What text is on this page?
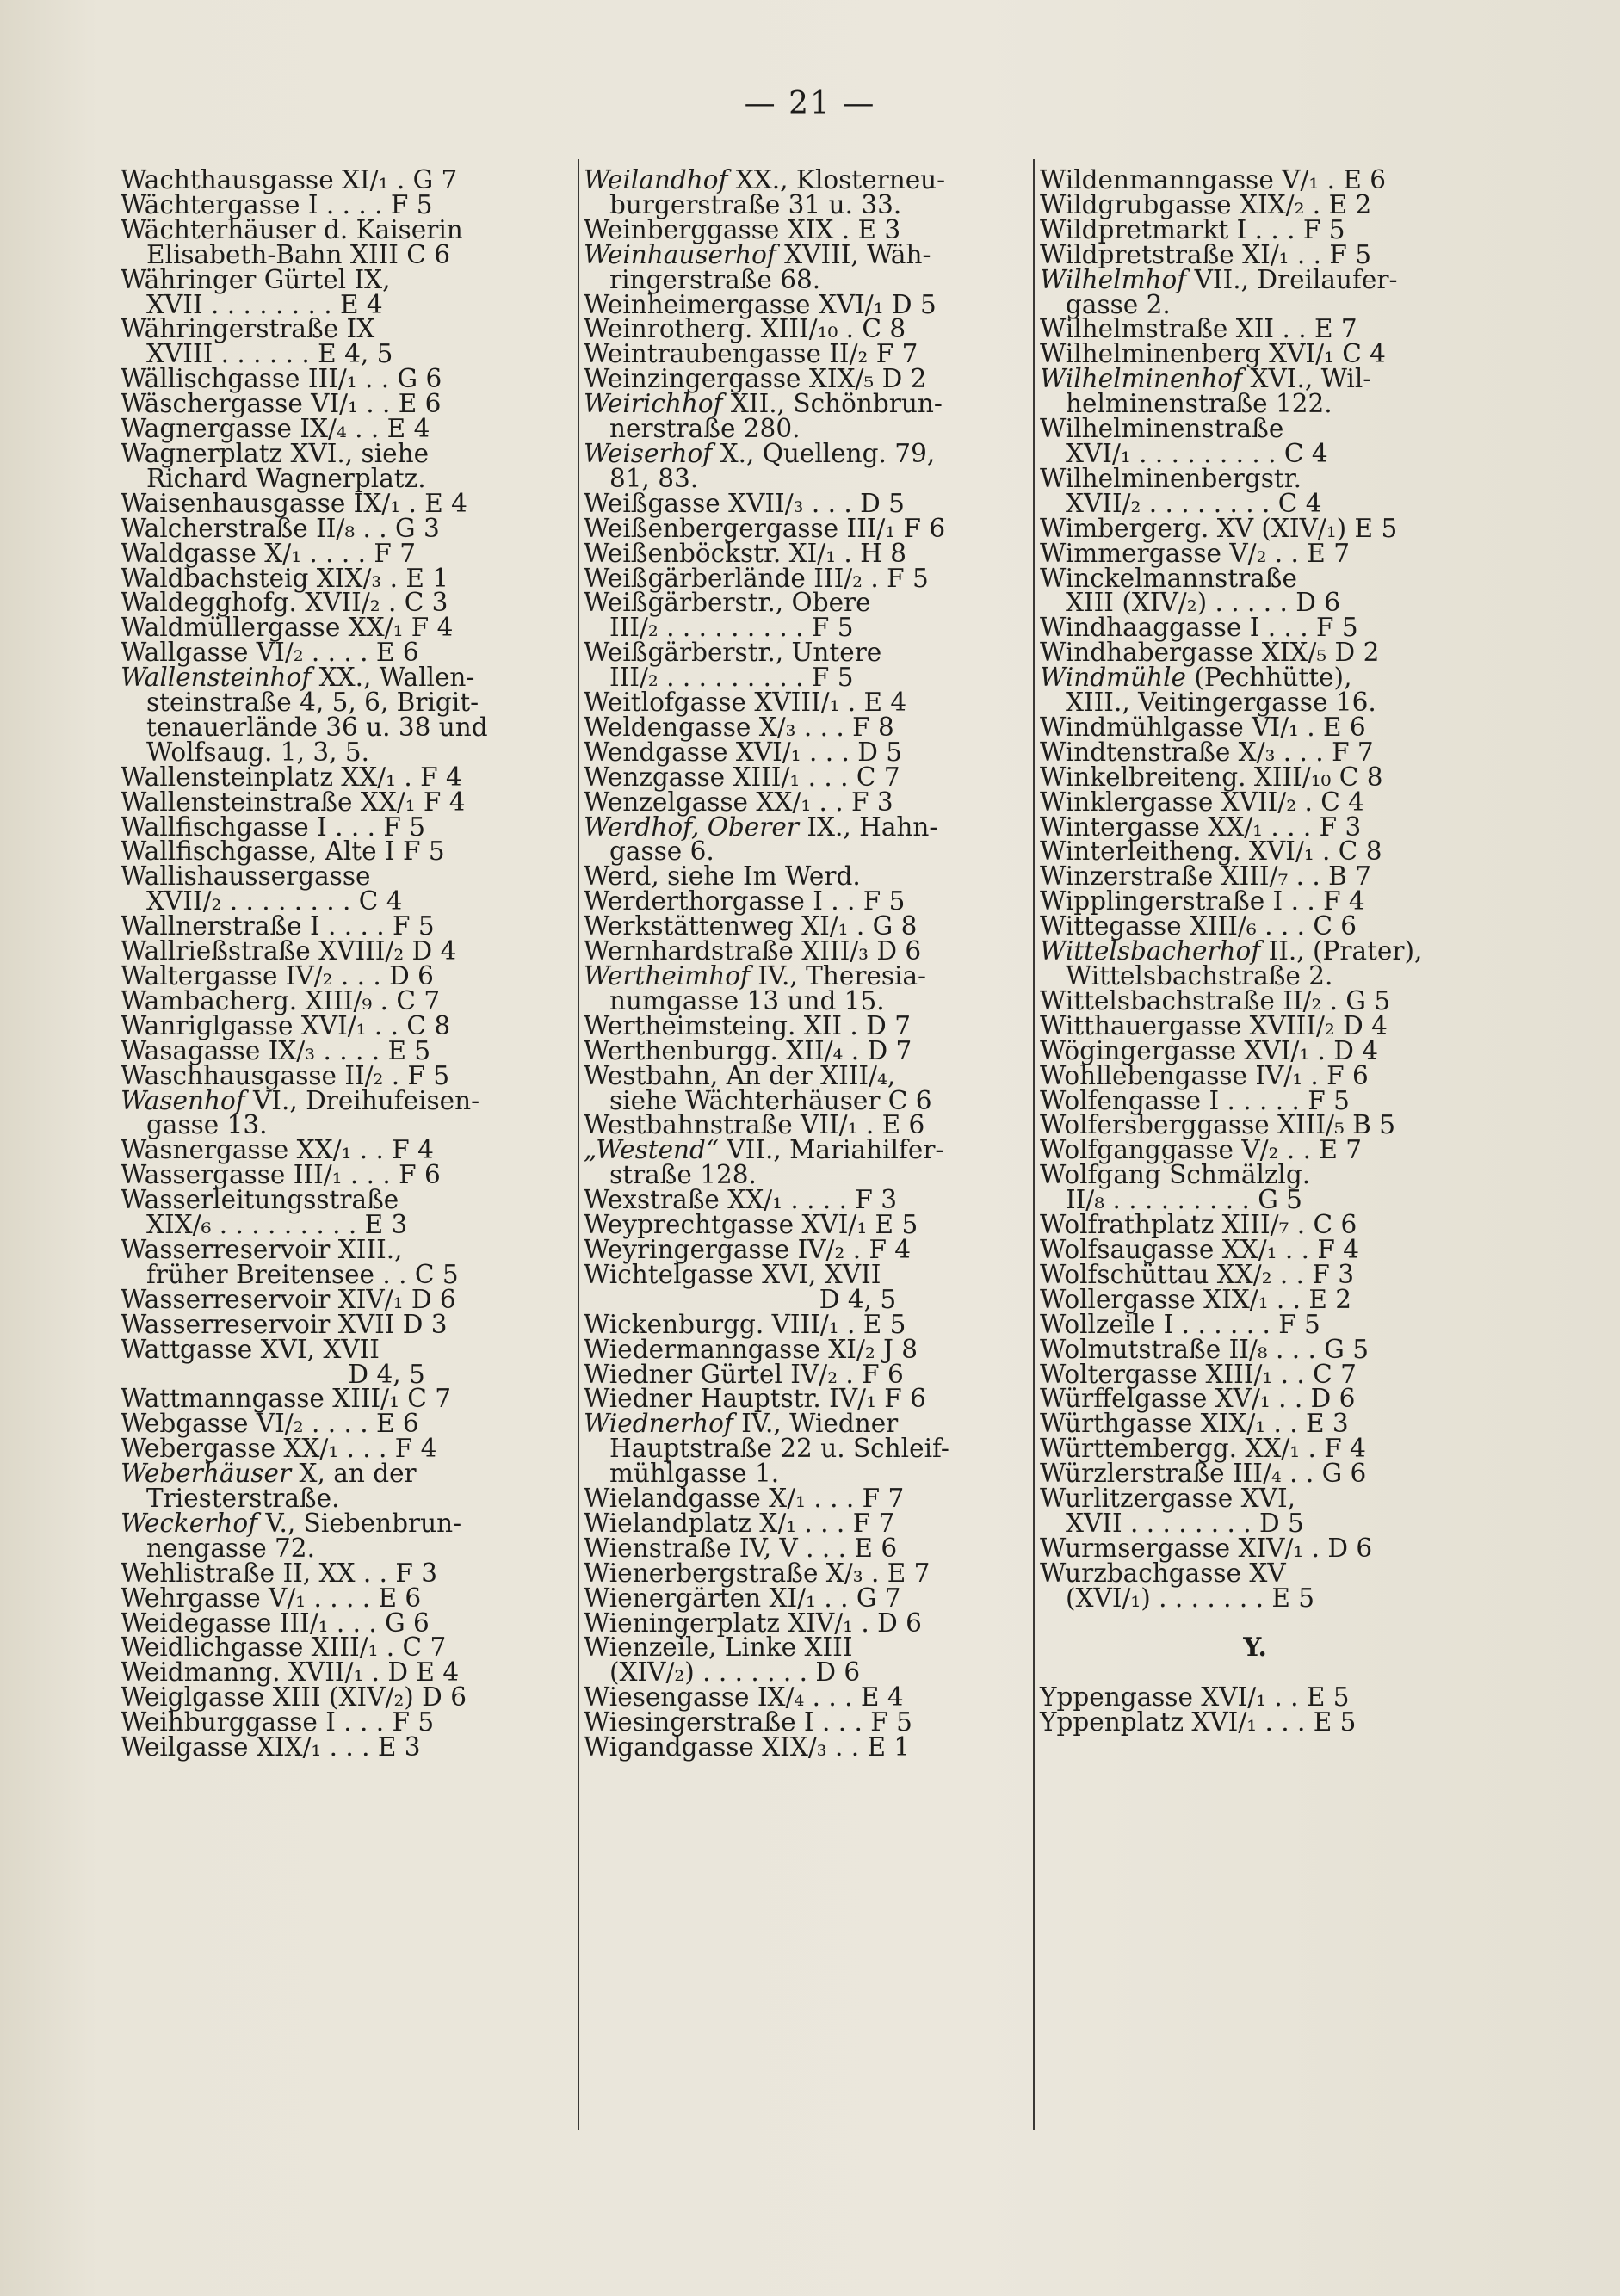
— 21 —
Wachthausgasse XI/₁ . G 7
Wächtergasse I . . . . F 5
Wächterhäuser d. Kaiserin
Elisabeth-Bahn XIII C 6
Währinger Gürtel IX,
XVII . . . . . . . . E 4
Währingerstraße IX
XVIII . . . . . . E 4, 5
Wällischgasse III/₁ . . G 6
Wäschergasse VI/₁ . . E 6
Wagnergasse IX/₄ . . E 4
Wagnerplatz XVI., siehe
Richard Wagnerplatz.
Waisenhausgasse IX/₁ . E 4
Walcherstraße II/₈ . . G 3
Waldgasse X/₁ . . . . F 7
Waldbachsteig XIX/₃ . E 1
Waldegghofg. XVII/₂ . C 3
Waldmüllergasse XX/₁ F 4
Wallgasse VI/₂ . . . . E 6
Wallensteinhof XX., Wallen-
steinstraße 4, 5, 6, Brigit-
tenauerlände 36 u. 38 und
Wolfsaug. 1, 3, 5.
Wallensteinplatz XX/₁ . F 4
Wallensteinstraße XX/₁ F 4
Wallfischgasse I . . . F 5
Wallfischgasse, Alte I F 5
Wallishaussergasse
XVII/₂ . . . . . . . . C 4
Wallnerstraße I . . . . F 5
Wallrießstraße XVIII/₂ D 4
Waltergasse IV/₂ . . . D 6
Wambacherg. XIII/₉ . C 7
Wanriglgasse XVI/₁ . . C 8
Wasagasse IX/₃ . . . . E 5
Waschhausgasse II/₂ . F 5
Wasenhof VI., Dreihufeisen-
gasse 13.
Wasnergasse XX/₁ . . F 4
Wassergasse III/₁ . . . F 6
Wasserleitungsstraße
XIX/₆ . . . . . . . . . E 3
Wasserreservoir XIII.,
früher Breitensee . . C 5
Wasserreservoir XIV/₁ D 6
Wasserreservoir XVII D 3
Wattgasse XVI, XVII
D 4, 5
Wattmanngasse XIII/₁ C 7
Webgasse VI/₂ . . . . E 6
Webergasse XX/₁ . . . F 4
Weberhäuser X, an der
Triesterstraße.
Weckerhof V., Siebenbrun-
nengasse 72.
Wehlistraße II, XX . . F 3
Wehrgasse V/₁ . . . . E 6
Weidegasse III/₁ . . . G 6
Weidlichgasse XIII/₁ . C 7
Weidmanng. XVII/₁ . D E 4
Weiglgasse XIII (XIV/₂) D 6
Weihburggasse I . . . F 5
Weilgasse XIX/₁ . . . E 3
Weilandhof XX., Klosterneu-
burgerstraße 31 u. 33.
Weinberggasse XIX . E 3
Weinhauserhof XVIII, Wäh-
ringerstraße 68.
Weinheimergasse XVI/₁ D 5
Weinrotherg. XIII/₁₀ . C 8
Weintraubengasse II/₂ F 7
Weinzingergasse XIX/₅ D 2
Weirichhof XII., Schönbrun-
nerstraße 280.
Weiserhof X., Quelleng. 79,
81, 83.
Weißgasse XVII/₃ . . . D 5
Weißenbergergasse III/₁ F 6
Weißenböckstr. XI/₁ . H 8
Weißgärberlände III/₂ . F 5
Weißgärberstr., Obere
III/₂ . . . . . . . . . F 5
Weißgärberstr., Untere
III/₂ . . . . . . . . . F 5
Weitlofgasse XVIII/₁ . E 4
Weldengasse X/₃ . . . F 8
Wendgasse XVI/₁ . . . D 5
Wenzgasse XIII/₁ . . . C 7
Wenzelgasse XX/₁ . . F 3
Werdhof, Oberer IX., Hahn-
gasse 6.
Werd, siehe Im Werd.
Werderthorgasse I . . F 5
Werkstättenweg XI/₁ . G 8
Wernhardstraße XIII/₃ D 6
Wertheimhof IV., Theresia-
numgasse 13 und 15.
Wertheimsteing. XII . D 7
Werthenburgg. XII/₄ . D 7
Westbahn, An der XIII/₄,
siehe Wächterhäuser C 6
Westbahnstraße VII/₁ . E 6
„Westend“ VII., Mariahilfer-
straße 128.
Wexstraße XX/₁ . . . . F 3
Weyprechtgasse XVI/₁ E 5
Weyringergasse IV/₂ . F 4
Wichtelgasse XVI, XVII
D 4, 5
Wickenburgg. VIII/₁ . E 5
Wiedermanngasse XI/₂ J 8
Wiedner Gürtel IV/₂ . F 6
Wiedner Hauptstr. IV/₁ F 6
Wiednerhof IV., Wiedner
Hauptstraße 22 u. Schleif-
mühlgasse 1.
Wielandgasse X/₁ . . . F 7
Wielandplatz X/₁ . . . F 7
Wienstraße IV, V . . . E 6
Wienerbergstraße X/₃ . E 7
Wienergärten XI/₁ . . G 7
Wieningerplatz XIV/₁ . D 6
Wienzeile, Linke XIII
(XIV/₂) . . . . . . . D 6
Wiesengasse IX/₄ . . . E 4
Wiesingerstraße I . . . F 5
Wigandgasse XIX/₃ . . E 1
Wildenmanngasse V/₁ . E 6
Wildgrubgasse XIX/₂ . E 2
Wildpretmarkt I . . . F 5
Wildpretstraße XI/₁ . . F 5
Wilhelmhof VII., Dreilaufer-
gasse 2.
Wilhelmstraße XII . . E 7
Wilhelminenberg XVI/₁ C 4
Wilhelminenhof XVI., Wil-
helminenstraße 122.
Wilhelminenstraße
XVI/₁ . . . . . . . . . C 4
Wilhelminenbergstr.
XVII/₂ . . . . . . . . C 4
Wimbergerg. XV (XIV/₁) E 5
Wimmergasse V/₂ . . E 7
Winckelmannstraße
XIII (XIV/₂) . . . . . D 6
Windhaaggasse I . . . F 5
Windhabergasse XIX/₅ D 2
Windmühle (Pechhütte),
XIII., Veitingergasse 16.
Windmühlgasse VI/₁ . E 6
Windtenstraße X/₃ . . . F 7
Winkelbreiteng. XIII/₁₀ C 8
Winklergasse XVII/₂ . C 4
Wintergasse XX/₁ . . . F 3
Winterleitheng. XVI/₁ . C 8
Winzerstraße XIII/₇ . . B 7
Wipplingerstraße I . . F 4
Wittegasse XIII/₆ . . . C 6
Wittelsbacherhof II., (Prater),
Wittelsbachstraße 2.
Wittelsbachstraße II/₂ . G 5
Witthauergasse XVIII/₂ D 4
Wögingergasse XVI/₁ . D 4
Wohllebengasse IV/₁ . F 6
Wolfengasse I . . . . . F 5
Wolfersberggasse XIII/₅ B 5
Wolfganggasse V/₂ . . E 7
Wolfgang Schmälzlg.
II/₈ . . . . . . . . . G 5
Wolfrathplatz XIII/₇ . C 6
Wolfsaugasse XX/₁ . . F 4
Wolfschüttau XX/₂ . . F 3
Wollergasse XIX/₁ . . E 2
Wollzeile I . . . . . . F 5
Wolmutstraße II/₈ . . . G 5
Woltergasse XIII/₁ . . C 7
Würffelgasse XV/₁ . . D 6
Würthgasse XIX/₁ . . E 3
Württembergg. XX/₁ . F 4
Würzlerstraße III/₄ . . G 6
Wurlitzergasse XVI,
XVII . . . . . . . . D 5
Wurmsergasse XIV/₁ . D 6
Wurzbachgasse XV
(XVI/₁) . . . . . . . E 5
Y.
Yppengasse XVI/₁ . . E 5
Yppenplatz XVI/₁ . . . E 5
